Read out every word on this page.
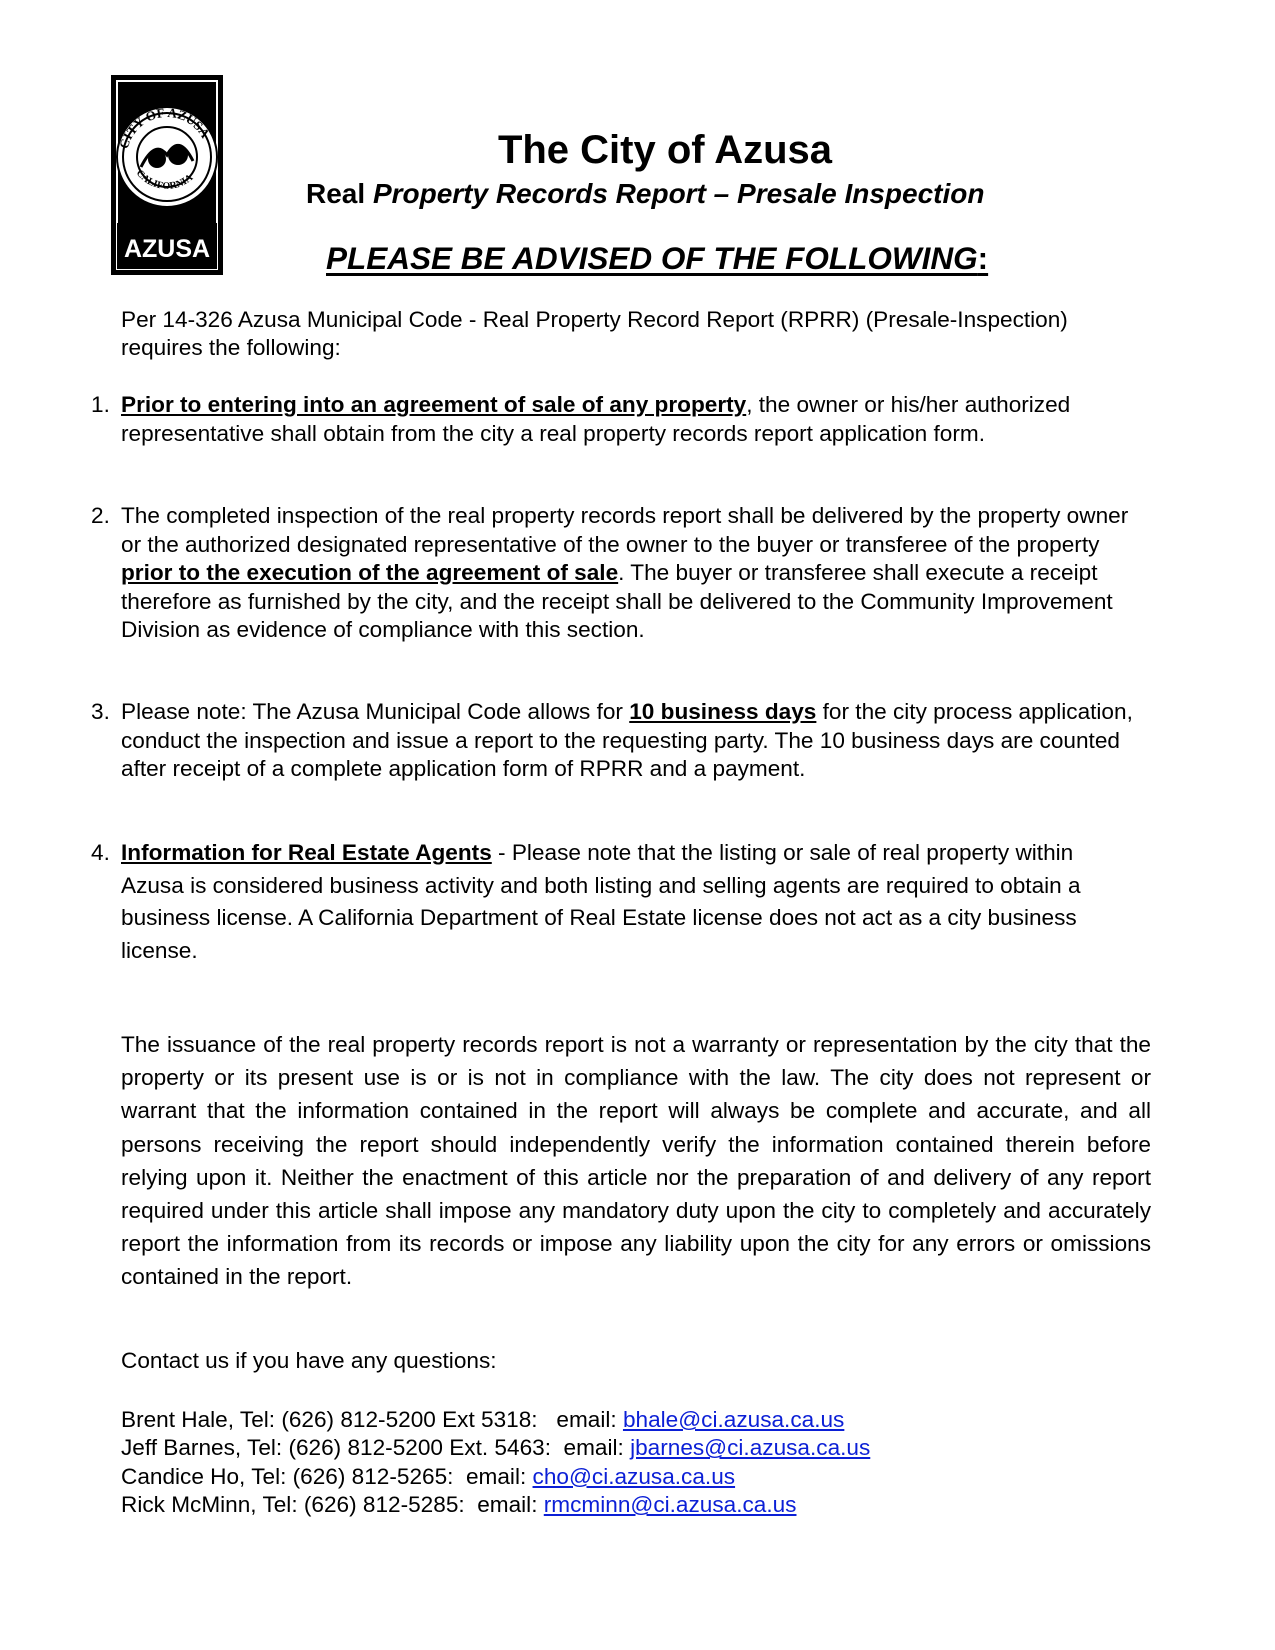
CITY OF AZUSA
CALIFORNIA
AZUSA
The City of Azusa
Real Property Records Report – Presale Inspection
PLEASE BE ADVISED OF THE FOLLOWING:
Per 14-326 Azusa Municipal Code - Real Property Record Report (RPRR) (Presale-Inspection) requires the following:
1. Prior to entering into an agreement of sale of any property, the owner or his/her authorized representative shall obtain from the city a real property records report application form.
2. The completed inspection of the real property records report shall be delivered by the property owner or the authorized designated representative of the owner to the buyer or transferee of the property prior to the execution of the agreement of sale. The buyer or transferee shall execute a receipt therefore as furnished by the city, and the receipt shall be delivered to the Community Improvement Division as evidence of compliance with this section.
3. Please note: The Azusa Municipal Code allows for 10 business days for the city process application, conduct the inspection and issue a report to the requesting party. The 10 business days are counted after receipt of a complete application form of RPRR and a payment.
4. Information for Real Estate Agents - Please note that the listing or sale of real property within Azusa is considered business activity and both listing and selling agents are required to obtain a business license. A California Department of Real Estate license does not act as a city business license.
The issuance of the real property records report is not a warranty or representation by the city that the property or its present use is or is not in compliance with the law. The city does not represent or warrant that the information contained in the report will always be complete and accurate, and all persons receiving the report should independently verify the information contained therein before relying upon it. Neither the enactment of this article nor the preparation of and delivery of any report required under this article shall impose any mandatory duty upon the city to completely and accurately report the information from its records or impose any liability upon the city for any errors or omissions contained in the report.
Contact us if you have any questions:
Brent Hale, Tel: (626) 812-5200 Ext 5318:   email: bhale@ci.azusa.ca.us
Jeff Barnes, Tel: (626) 812-5200 Ext. 5463:  email: jbarnes@ci.azusa.ca.us
Candice Ho, Tel: (626) 812-5265:  email: cho@ci.azusa.ca.us
Rick McMinn, Tel: (626) 812-5285:  email: rmcminn@ci.azusa.ca.us
